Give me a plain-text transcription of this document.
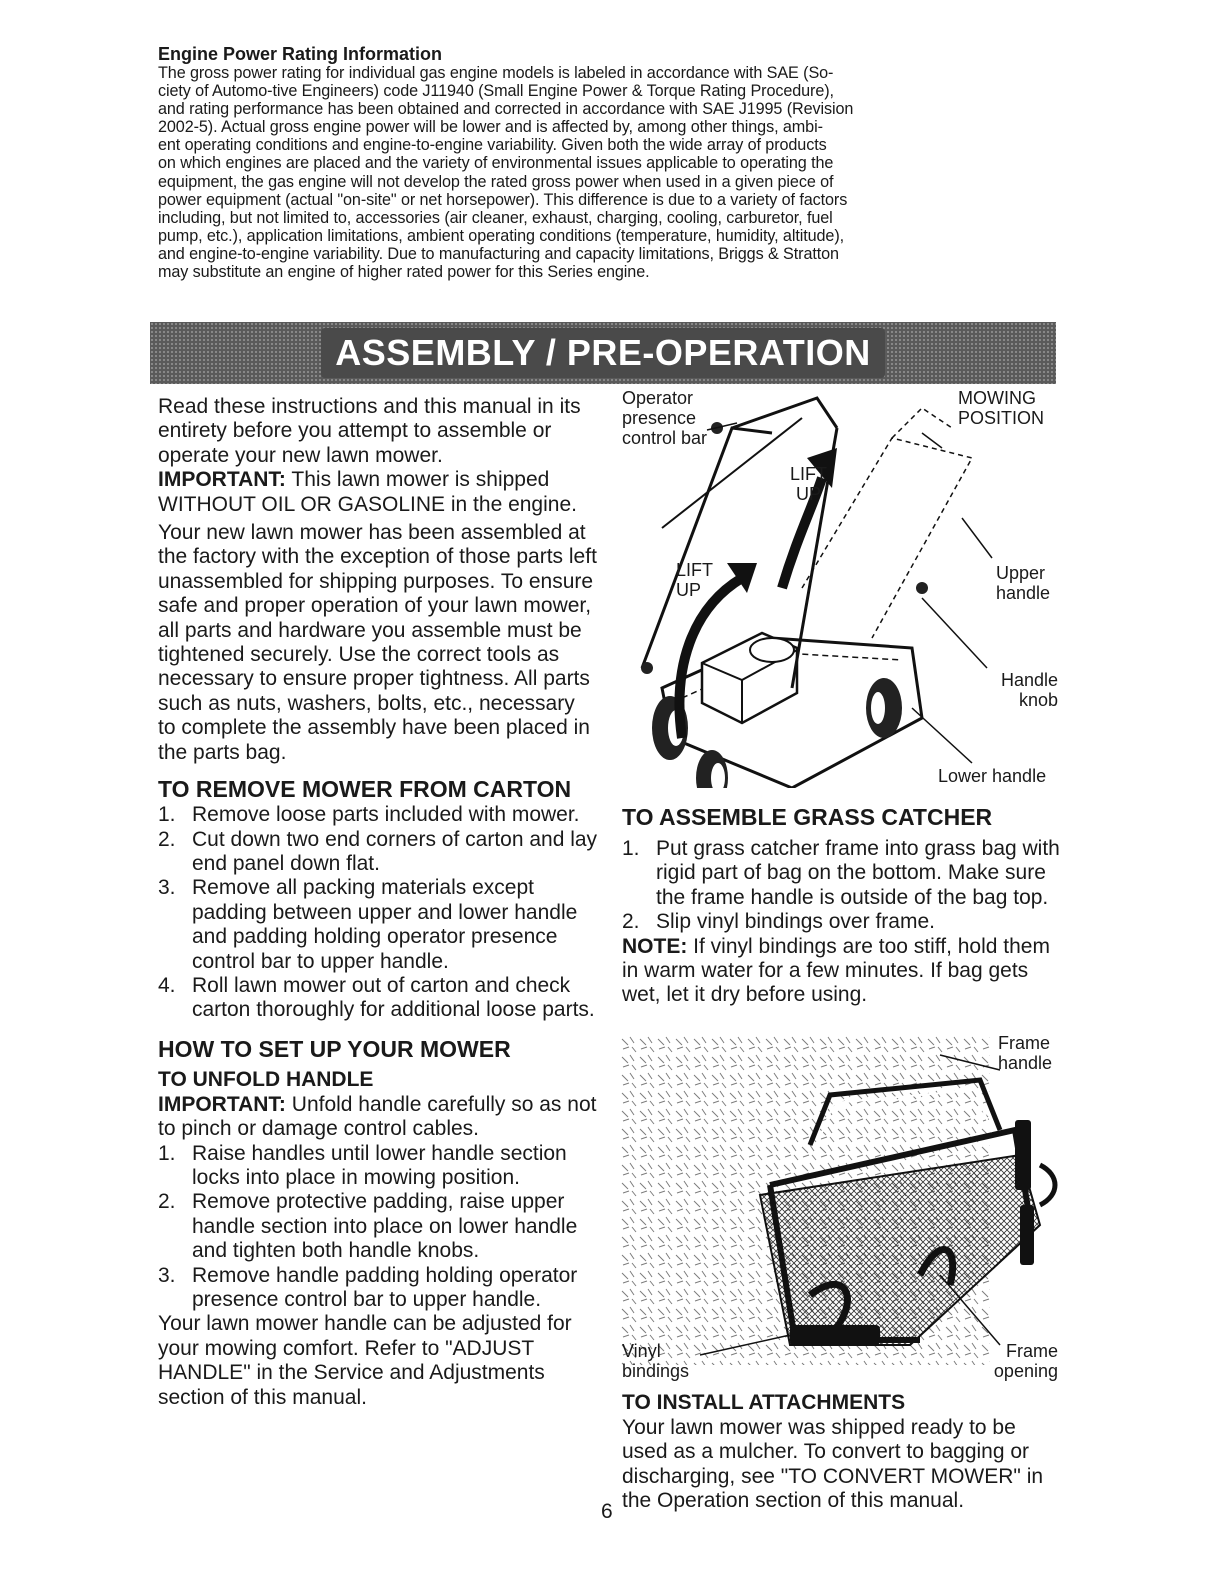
Engine Power Rating Information
The gross power rating for individual gas engine models is labeled in accordance with SAE (So-
ciety of Automo-tive Engineers) code J11940 (Small Engine Power & Torque Rating Procedure),
and rating performance has been obtained and corrected in accordance with SAE J1995 (Revision
2002-5). Actual gross engine power will be lower and is affected by, among other things, ambi-
ent operating conditions and engine-to-engine variability. Given both the wide array of products
on which engines are placed and the variety of environmental issues applicable to operating the
equipment, the gas engine will not develop the rated gross power when used in a given piece of
power equipment (actual "on-site" or net horsepower). This difference is due to a variety of factors
including, but not limited to, accessories (air cleaner, exhaust, charging, cooling, carburetor, fuel
pump, etc.), application limitations, ambient operating conditions (temperature, humidity, altitude),
and engine-to-engine variability. Due to manufacturing and capacity limitations, Briggs & Stratton
may substitute an engine of higher rated power for this Series engine.
ASSEMBLY / PRE-OPERATION

Read these instructions and this manual in its entirety before you attempt to assemble or operate your new lawn mower.

IMPORTANT: This lawn mower is shipped WITHOUT OIL OR GASOLINE in the engine.

Your new lawn mower has been assembled at the factory with the exception of those parts left unassembled for shipping purposes. To ensure safe and proper operation of your lawn mower, all parts and hardware you assemble must be tightened securely. Use the correct tools as necessary to ensure proper tightness. All parts such as nuts, washers, bolts, etc., necessary to complete the assembly have been placed in the parts bag.

TO REMOVE MOWER FROM CARTON
1. Remove loose parts included with mower.
2. Cut down two end corners of carton and lay end panel down flat.
3. Remove all packing materials except padding between upper and lower handle and padding holding operator presence control bar to upper handle.
4. Roll lawn mower out of carton and check carton thoroughly for additional loose parts.
HOW TO SET UP YOUR MOWER
TO UNFOLD HANDLE

IMPORTANT: Unfold handle carefully so as not to pinch or damage control cables.

1. Raise handles until lower handle section locks into place in mowing position.
2. Remove protective padding, raise upper handle section into place on lower handle and tighten both handle knobs.
3. Remove handle padding holding operator presence control bar to upper handle.

Your lawn mower handle can be adjusted for your mowing comfort. Refer to "ADJUST HANDLE" in the Service and Adjustments section of this manual.

Operator
presence
control bar
MOWING
POSITION
LIFT
UP
LIFT
UP
Upper
handle
Handle
knob
Lower handle
TO ASSEMBLE GRASS CATCHER
1. Put grass catcher frame into grass bag with rigid part of bag on the bottom. Make sure the frame handle is outside of the bag top.
2. Slip vinyl bindings over frame.

NOTE: If vinyl bindings are too stiff, hold them in warm water for a few minutes. If bag gets wet, let it dry before using.

Frame
handle
Vinyl
bindings
Frame
opening
TO INSTALL ATTACHMENTS

Your lawn mower was shipped ready to be used as a mulcher. To convert to bagging or discharging, see "TO CONVERT MOWER" in the Operation section of this manual.

6
